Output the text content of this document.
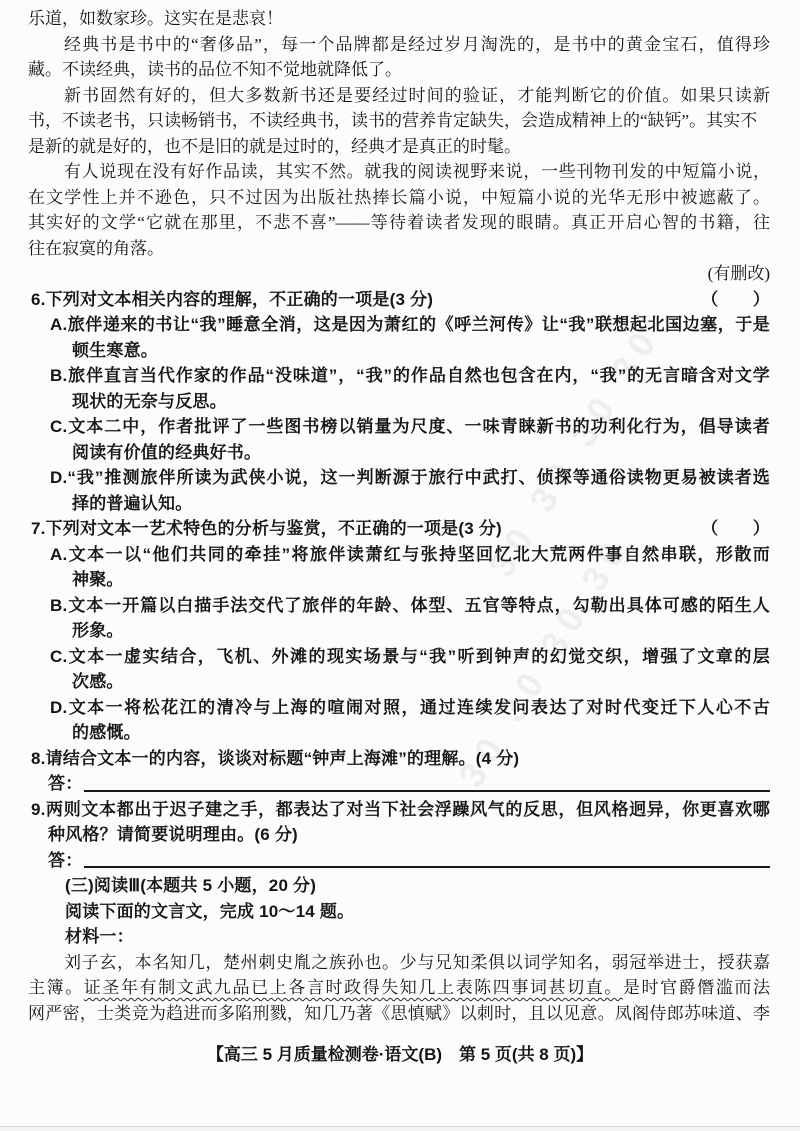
30 30 30 30
30 30 30 30
乐道，如数家珍。这实在是悲哀！
经典书是书中的“奢侈品”，每一个品牌都是经过岁月淘洗的，是书中的黄金宝石，值得珍
藏。不读经典，读书的品位不知不觉地就降低了。
新书固然有好的，但大多数新书还是要经过时间的验证，才能判断它的价值。如果只读新
书，不读老书，只读畅销书，不读经典书，读书的营养肯定缺失，会造成精神上的“缺钙”。其实不
是新的就是好的，也不是旧的就是过时的，经典才是真正的时髦。
有人说现在没有好作品读，其实不然。就我的阅读视野来说，一些刊物刊发的中短篇小说，
在文学性上并不逊色，只不过因为出版社热捧长篇小说，中短篇小说的光华无形中被遮蔽了。
其实好的文学“它就在那里，不悲不喜”——等待着读者发现的眼睛。真正开启心智的书籍，往
往在寂寞的角落。
(有删改)
6.下列对文本相关内容的理解，不正确的一项是(3 分)	（　　）
A.旅伴递来的书让“我”睡意全消，这是因为萧红的《呼兰河传》让“我”联想起北国边塞，于是
顿生寒意。
B.旅伴直言当代作家的作品“没味道”，“我”的作品自然也包含在内，“我”的无言暗含对文学
现状的无奈与反思。
C.文本二中，作者批评了一些图书榜以销量为尺度、一味青睐新书的功利化行为，倡导读者
阅读有价值的经典好书。
D.“我”推测旅伴所读为武侠小说，这一判断源于旅行中武打、侦探等通俗读物更易被读者选
择的普遍认知。
7.下列对文本一艺术特色的分析与鉴赏，不正确的一项是(3 分)	（　　）
A.文本一以“他们共同的牵挂”将旅伴读萧红与张持坚回忆北大荒两件事自然串联，形散而
神聚。
B.文本一开篇以白描手法交代了旅伴的年龄、体型、五官等特点，勾勒出具体可感的陌生人
形象。
C.文本一虚实结合，飞机、外滩的现实场景与“我”听到钟声的幻觉交织，增强了文章的层
次感。
D.文本一将松花江的清冷与上海的喧闹对照，通过连续发问表达了对时代变迁下人心不古
的感慨。
8.请结合文本一的内容，谈谈对标题“钟声上海滩”的理解。(4 分)
答：
9.两则文本都出于迟子建之手，都表达了对当下社会浮躁风气的反思，但风格迥异，你更喜欢哪
种风格？请简要说明理由。(6 分)
答：
(三)阅读Ⅲ(本题共 5 小题，20 分)
阅读下面的文言文，完成 10～14 题。
材料一：
刘子玄，本名知几，楚州刺史胤之族孙也。少与兄知柔俱以词学知名，弱冠举进士，授获嘉
主簿。证圣年有制文武九品已上各言时政得失知几上表陈四事词甚切直。是时官爵僭滥而法
网严密，士类竞为趋进而多陷刑戮，知几乃著《思慎赋》以刺时，且以见意。凤阁侍郎苏味道、李
【高三 5 月质量检测卷·语文(B)　第 5 页(共 8 页)】
